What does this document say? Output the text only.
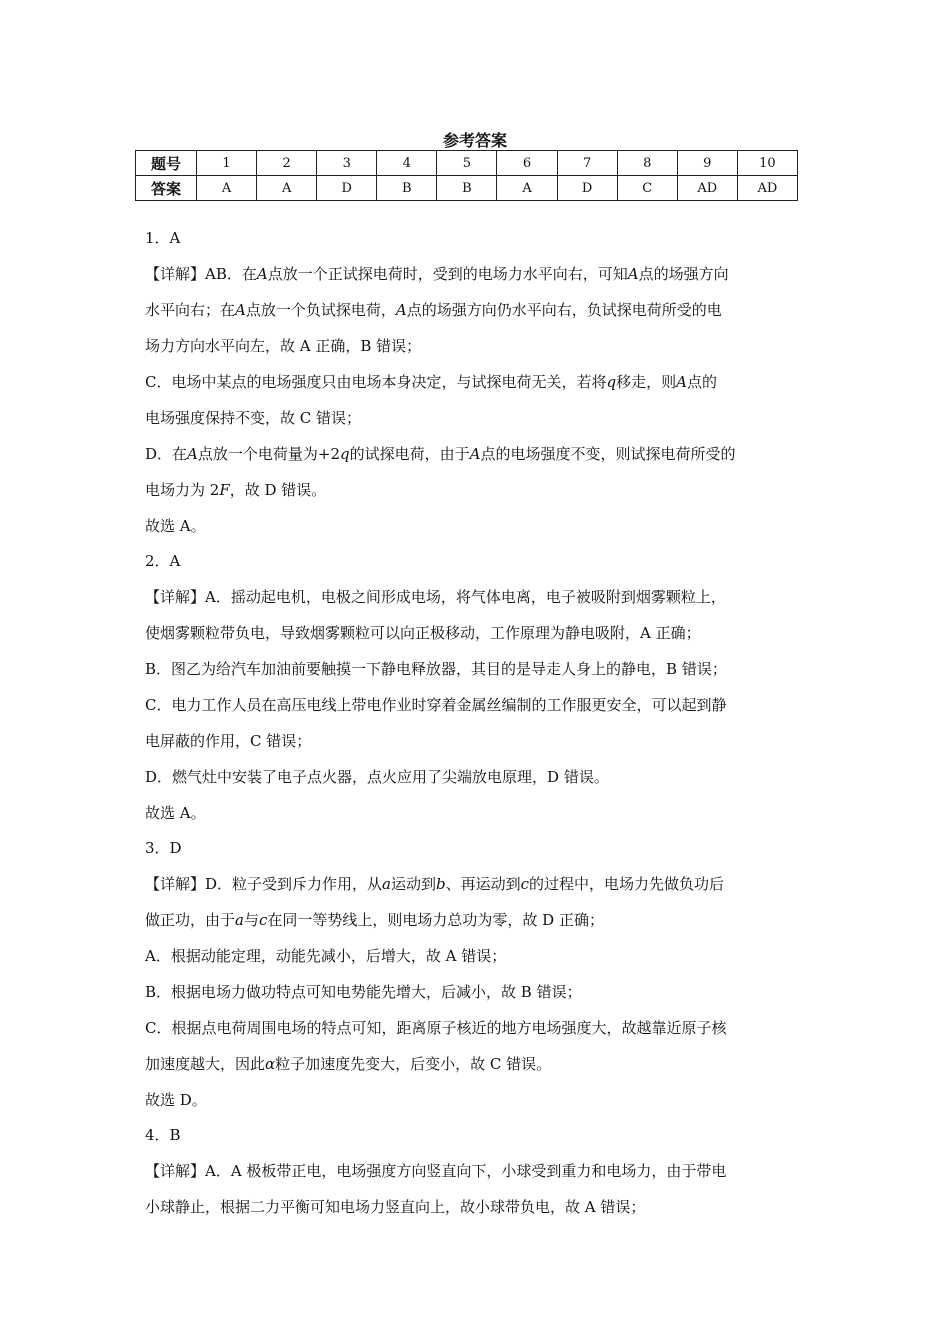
参考答案
题号	1	2	3	4	5	6	7	8	9	10
答案	A	A	D	B	B	A	D	C	AD	AD

1．A

【详解】AB．在A点放一个正试探电荷时，受到的电场力水平向右，可知A点的场强方向

水平向右；在A点放一个负试探电荷，A点的场强方向仍水平向右，负试探电荷所受的电

场力方向水平向左，故 A 正确，B 错误；

C．电场中某点的电场强度只由电场本身决定，与试探电荷无关，若将q移走，则A点的

电场强度保持不变，故 C 错误；

D．在A点放一个电荷量为+2q的试探电荷，由于A点的电场强度不变，则试探电荷所受的

电场力为 2F，故 D 错误。

故选 A。

2．A

【详解】A．摇动起电机，电极之间形成电场，将气体电离，电子被吸附到烟雾颗粒上，

使烟雾颗粒带负电，导致烟雾颗粒可以向正极移动，工作原理为静电吸附，A 正确；

B．图乙为给汽车加油前要触摸一下静电释放器，其目的是导走人身上的静电，B 错误；

C．电力工作人员在高压电线上带电作业时穿着金属丝编制的工作服更安全，可以起到静

电屏蔽的作用，C 错误；

D．燃气灶中安装了电子点火器，点火应用了尖端放电原理，D 错误。

故选 A。

3．D

【详解】D．粒子受到斥力作用，从a运动到b、再运动到c的过程中，电场力先做负功后

做正功，由于a与c在同一等势线上，则电场力总功为零，故 D 正确；

A．根据动能定理，动能先减小，后增大，故 A 错误；

B．根据电场力做功特点可知电势能先增大，后减小，故 B 错误；

C．根据点电荷周围电场的特点可知，距离原子核近的地方电场强度大，故越靠近原子核

加速度越大，因此α粒子加速度先变大，后变小，故 C 错误。

故选 D。

4．B

【详解】A．A 极板带正电，电场强度方向竖直向下，小球受到重力和电场力，由于带电

小球静止，根据二力平衡可知电场力竖直向上，故小球带负电，故 A 错误；
